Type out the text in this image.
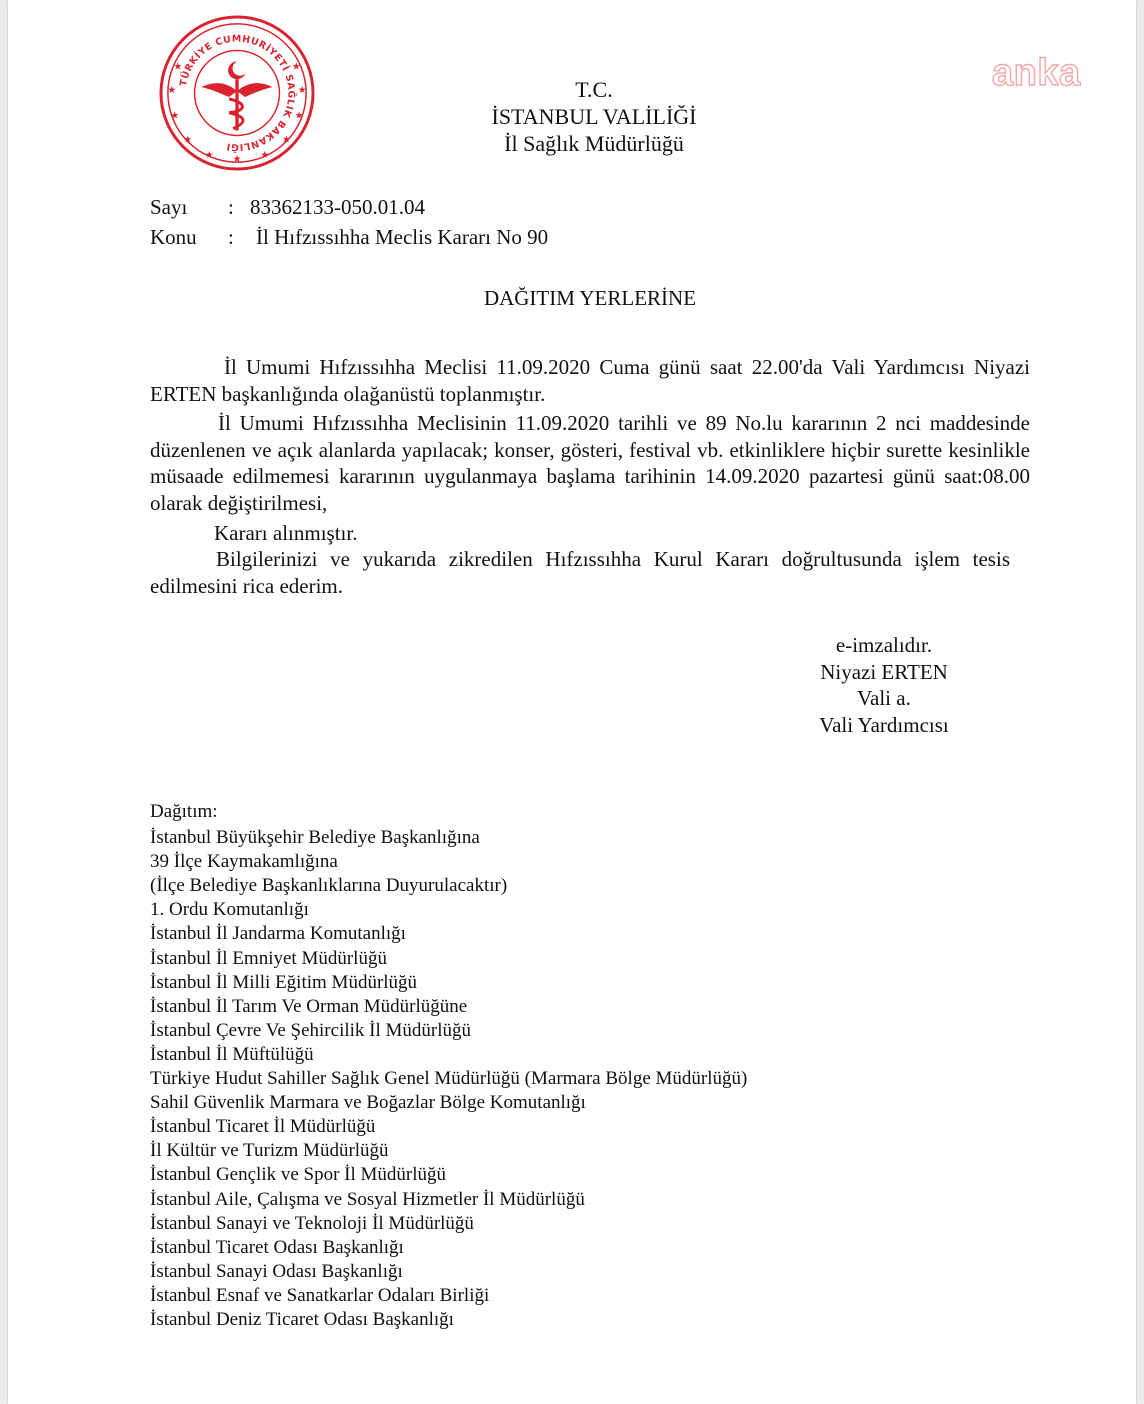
TÜRKİYE CUMHURİYETİ SAĞLIK BAKANLIĞI
★
★	★
★	★
★	★
★	★
★	★	anka
T.C.
İSTANBUL VALİLİĞİ
İl Sağlık Müdürlüğü
Sayı	: 83362133-050.01.04
Konu	:	İl Hıfzıssıhha Meclis Kararı No 90
DAĞITIM YERLERİNE

İl Umumi Hıfzıssıhha Meclisi 11.09.2020 Cuma günü saat 22.00'da Vali Yardımcısı Niyazi ERTEN başkanlığında olağanüstü toplanmıştır.

İl Umumi Hıfzıssıhha Meclisinin 11.09.2020 tarihli ve 89 No.lu kararının 2 nci maddesinde düzenlenen ve açık alanlarda yapılacak; konser, gösteri, festival vb. etkinliklere hiçbir surette kesinlikle müsaade edilmemesi kararının uygulanmaya başlama tarihinin 14.09.2020 pazartesi günü saat:08.00 olarak değiştirilmesi,

Kararı alınmıştır.

Bilgilerinizi ve yukarıda zikredilen Hıfzıssıhha Kurul Kararı doğrultusunda işlem tesis edilmesini rica ederim.

e-imzalıdır.
Niyazi ERTEN
Vali a.
Vali Yardımcısı
Dağıtım:
İstanbul Büyükşehir Belediye Başkanlığına
39 İlçe Kaymakamlığına
(İlçe Belediye Başkanlıklarına Duyurulacaktır)
1. Ordu Komutanlığı
İstanbul İl Jandarma Komutanlığı
İstanbul İl Emniyet Müdürlüğü
İstanbul İl Milli Eğitim Müdürlüğü
İstanbul İl Tarım Ve Orman Müdürlüğüne
İstanbul Çevre Ve Şehircilik İl Müdürlüğü
İstanbul İl Müftülüğü
Türkiye Hudut Sahiller Sağlık Genel Müdürlüğü (Marmara Bölge Müdürlüğü)
Sahil Güvenlik Marmara ve Boğazlar Bölge Komutanlığı
İstanbul Ticaret İl Müdürlüğü
İl Kültür ve Turizm Müdürlüğü
İstanbul Gençlik ve Spor İl Müdürlüğü
İstanbul Aile, Çalışma ve Sosyal Hizmetler İl Müdürlüğü
İstanbul Sanayi ve Teknoloji İl Müdürlüğü
İstanbul Ticaret Odası Başkanlığı
İstanbul Sanayi Odası Başkanlığı
İstanbul Esnaf ve Sanatkarlar Odaları Birliği
İstanbul Deniz Ticaret Odası Başkanlığı
